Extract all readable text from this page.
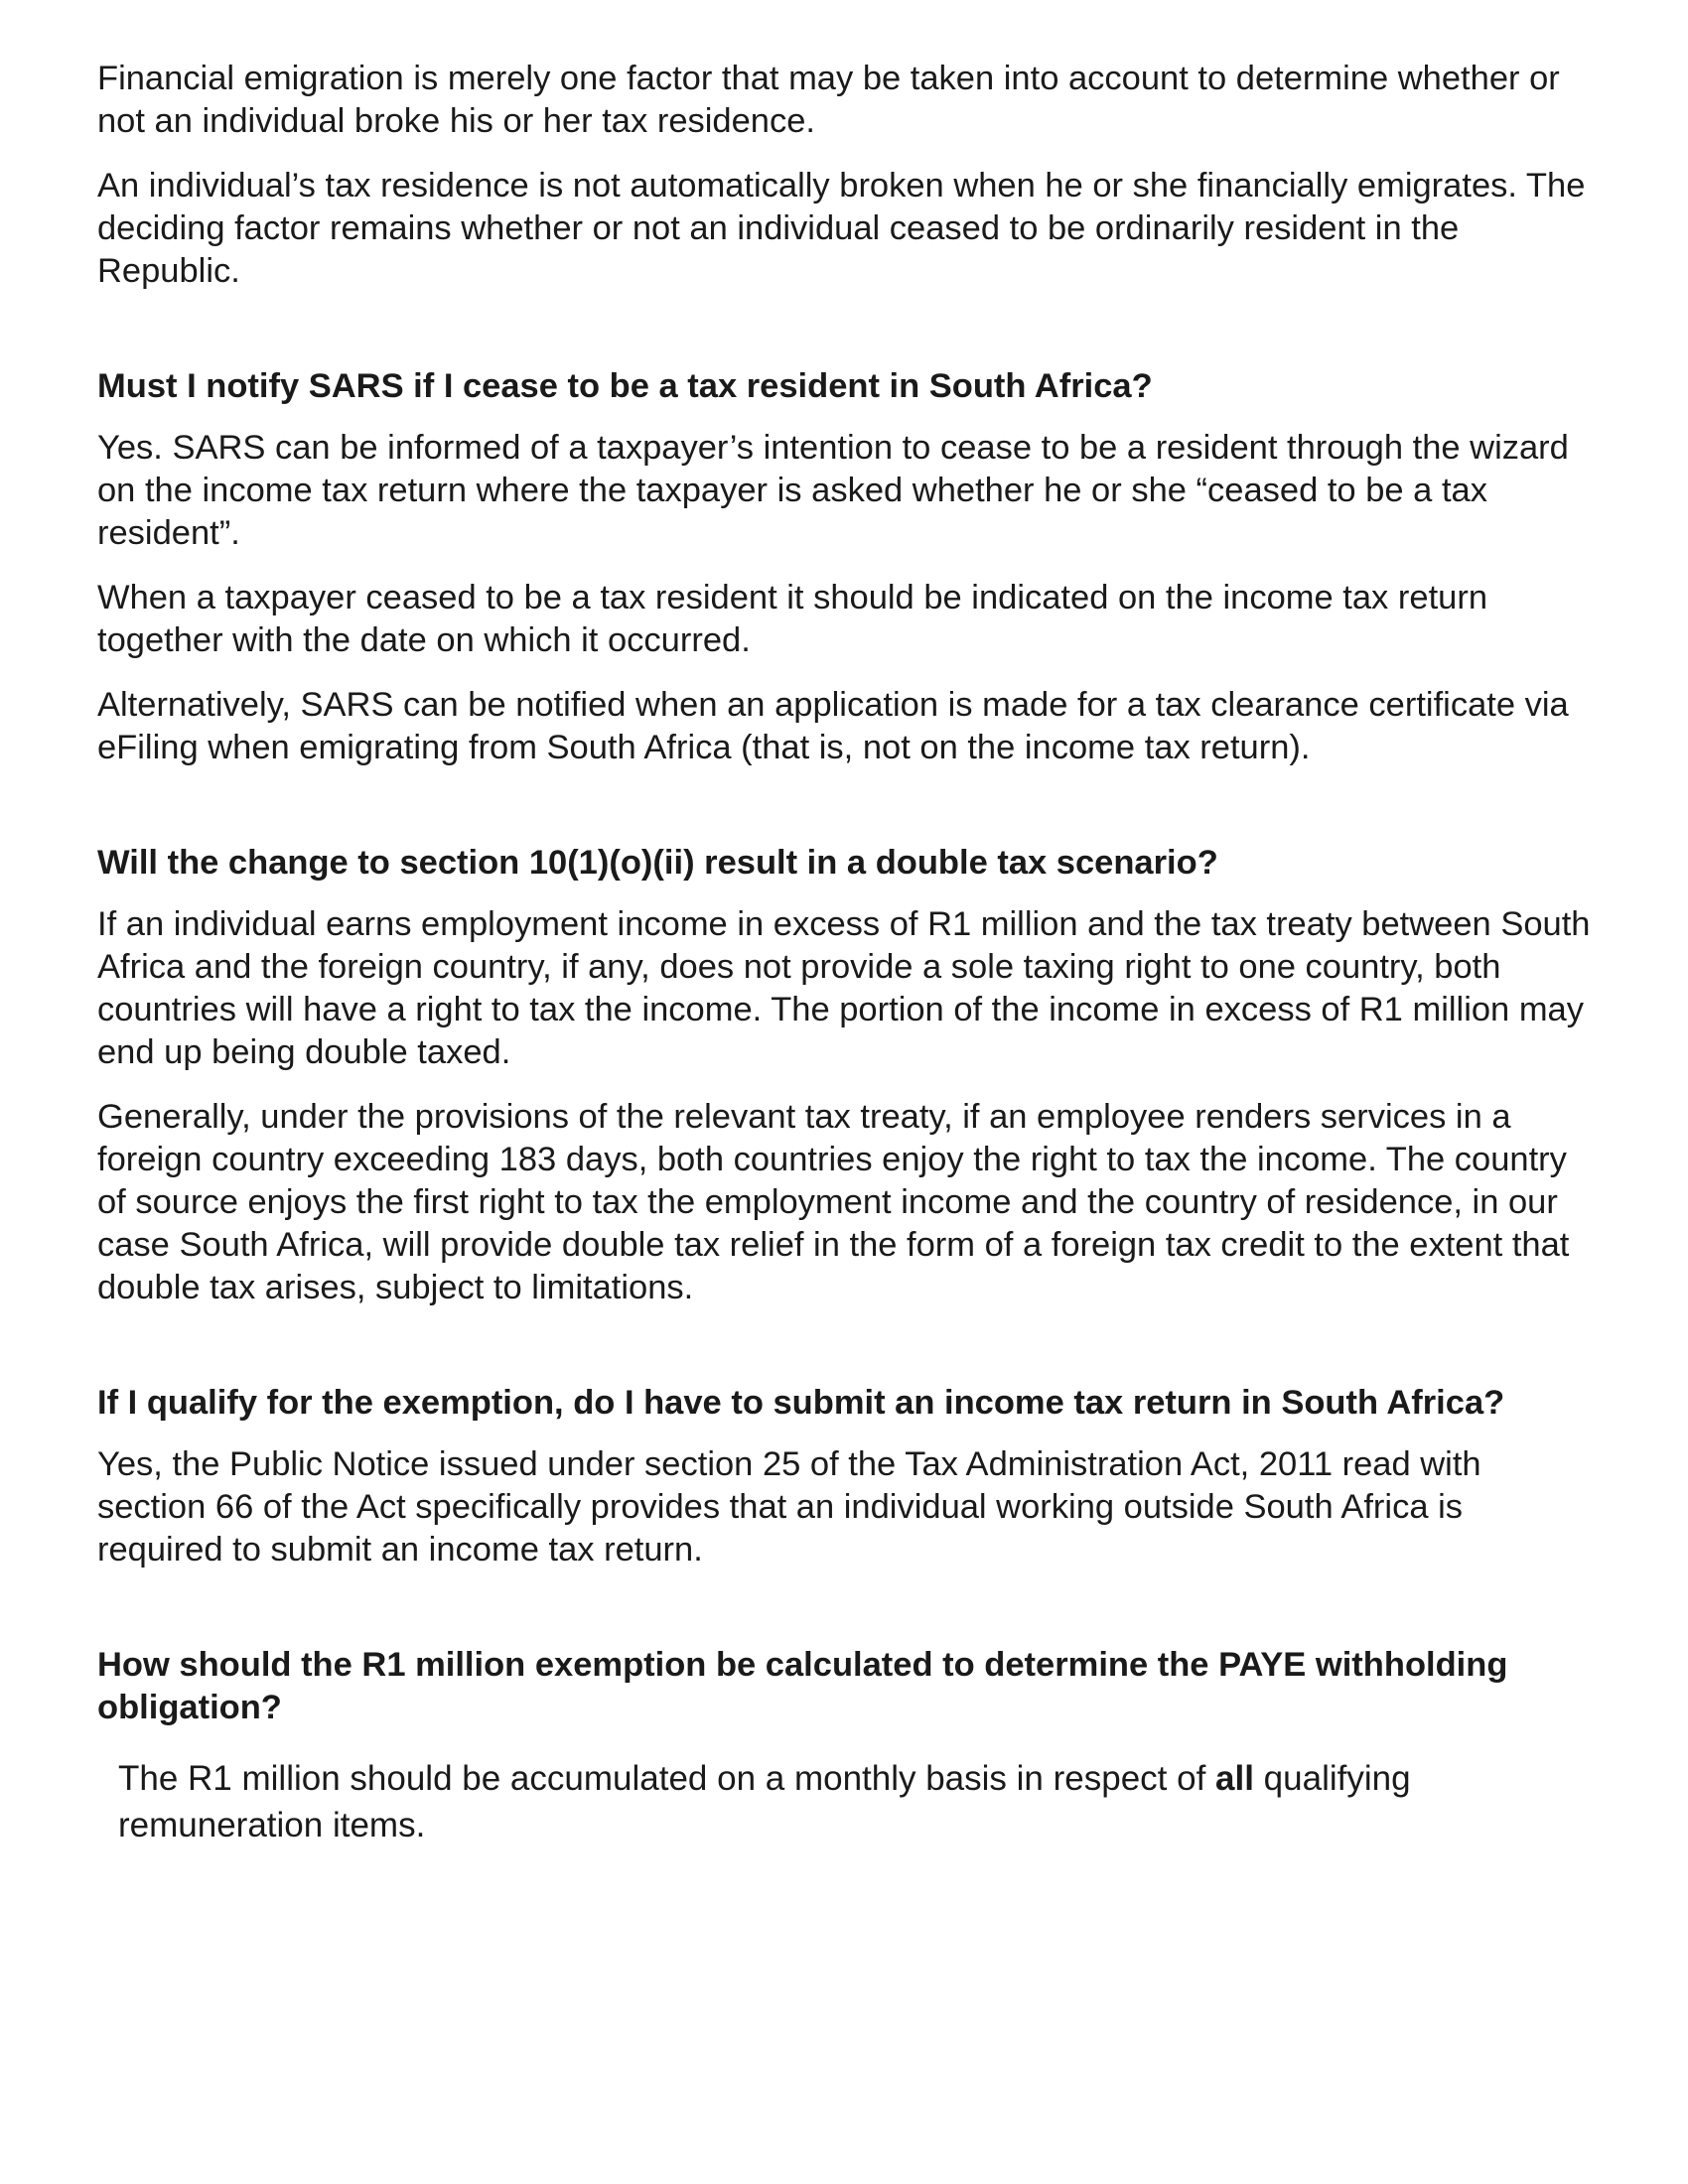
Financial emigration is merely one factor that may be taken into account to determine whether or not an individual broke his or her tax residence.

An individual’s tax residence is not automatically broken when he or she financially emigrates. The deciding factor remains whether or not an individual ceased to be ordinarily resident in the Republic.

Must I notify SARS if I cease to be a tax resident in South Africa?

Yes. SARS can be informed of a taxpayer’s intention to cease to be a resident through the wizard on the income tax return where the taxpayer is asked whether he or she “ceased to be a tax resident”.

When a taxpayer ceased to be a tax resident it should be indicated on the income tax return together with the date on which it occurred.

Alternatively, SARS can be notified when an application is made for a tax clearance certificate via eFiling when emigrating from South Africa (that is, not on the income tax return).

Will the change to section 10(1)(o)(ii) result in a double tax scenario?

If an individual earns employment income in excess of R1 million and the tax treaty between South Africa and the foreign country, if any, does not provide a sole taxing right to one country, both countries will have a right to tax the income. The portion of the income in excess of R1 million may end up being double taxed.

Generally, under the provisions of the relevant tax treaty, if an employee renders services in a foreign country exceeding 183 days, both countries enjoy the right to tax the income. The country of source enjoys the first right to tax the employment income and the country of residence, in our case South Africa, will provide double tax relief in the form of a foreign tax credit to the extent that double tax arises, subject to limitations.

If I qualify for the exemption, do I have to submit an income tax return in South Africa?

Yes, the Public Notice issued under section 25 of the Tax Administration Act, 2011 read with section 66 of the Act specifically provides that an individual working outside South Africa is required to submit an income tax return.

How should the R1 million exemption be calculated to determine the PAYE withholding obligation?

The R1 million should be accumulated on a monthly basis in respect of all qualifying remuneration items.
